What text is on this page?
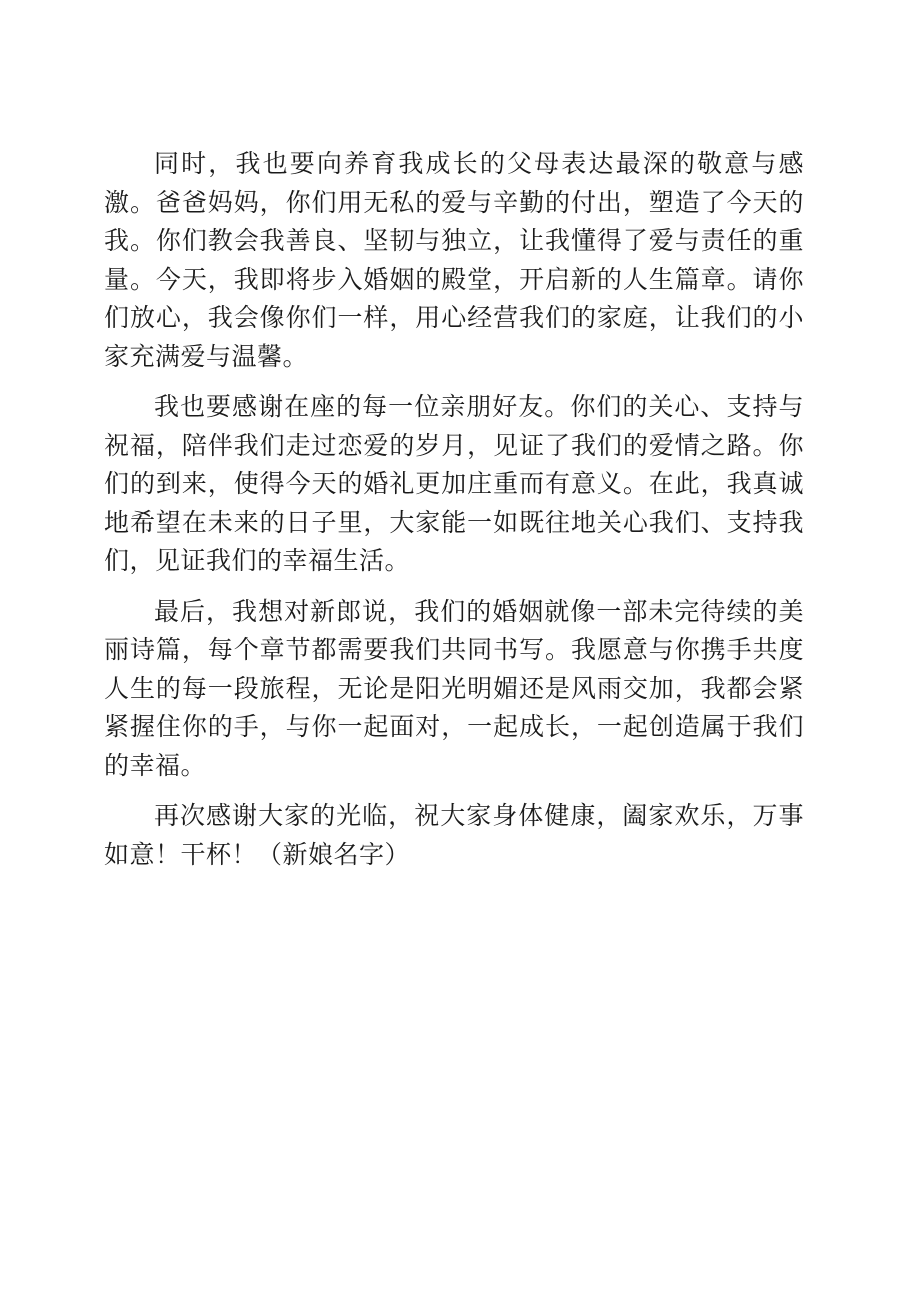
同时，我也要向养育我成长的父母表达最深的敬意与感激。爸爸妈妈，你们用无私的爱与辛勤的付出，塑造了今天的我。你们教会我善良、坚韧与独立，让我懂得了爱与责任的重量。今天，我即将步入婚姻的殿堂，开启新的人生篇章。请你们放心，我会像你们一样，用心经营我们的家庭，让我们的小家充满爱与温馨。

我也要感谢在座的每一位亲朋好友。你们的关心、支持与祝福，陪伴我们走过恋爱的岁月，见证了我们的爱情之路。你们的到来，使得今天的婚礼更加庄重而有意义。在此，我真诚地希望在未来的日子里，大家能一如既往地关心我们、支持我们，见证我们的幸福生活。

最后，我想对新郎说，我们的婚姻就像一部未完待续的美丽诗篇，每个章节都需要我们共同书写。我愿意与你携手共度人生的每一段旅程，无论是阳光明媚还是风雨交加，我都会紧紧握住你的手，与你一起面对，一起成长，一起创造属于我们的幸福。

再次感谢大家的光临，祝大家身体健康，阖家欢乐，万事如意！干杯！（新娘名字）
